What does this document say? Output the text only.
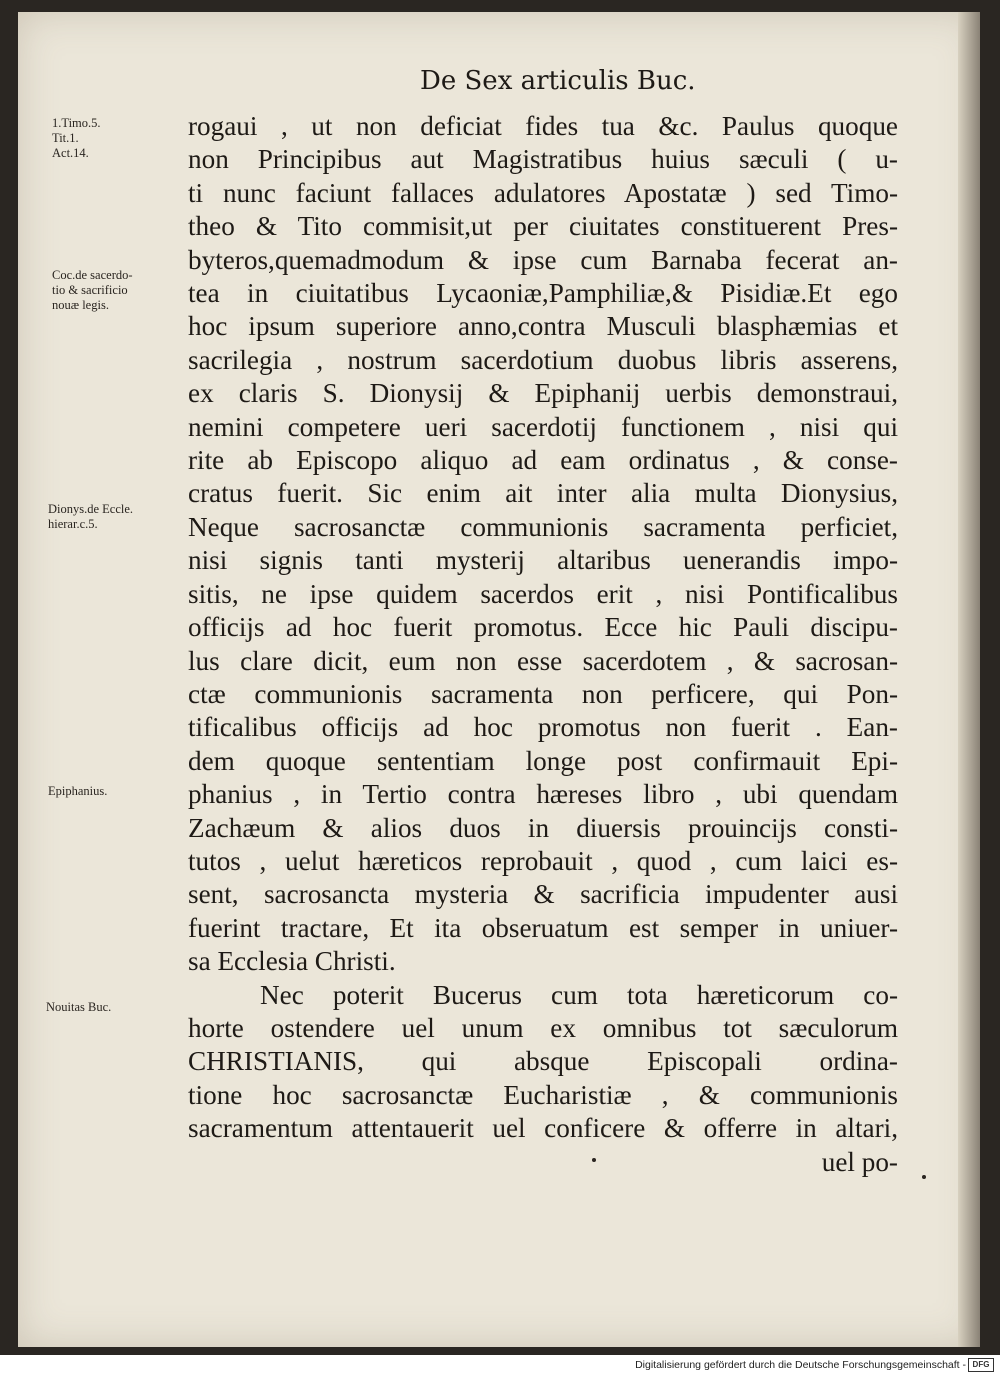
De Sex articulis Buc.
1.Timo.5.
Tit.1.
Act.14.
Coc.de sacerdo-
tio & sacrificio
nouæ legis.
Dionys.de Eccle.
hierar.c.5.
Epiphanius.
Nouitas Buc.
rogaui , ut non deficiat fides tua &c. Paulus quoque
non Principibus aut Magistratibus huius sæculi ( u-
ti nunc faciunt fallaces adulatores Apostatæ ) sed Timo-
theo & Tito commisit,ut per ciuitates constituerent Pres-
byteros,quemadmodum & ipse cum Barnaba fecerat an-
tea in ciuitatibus Lycaoniæ,Pamphiliæ,& Pisidiæ.Et ego
hoc ipsum superiore anno,contra Musculi blasphæmias et
sacrilegia , nostrum sacerdotium duobus libris asserens,
ex claris S. Dionysij & Epiphanij uerbis demonstraui,
nemini competere ueri sacerdotij functionem , nisi qui
rite ab Episcopo aliquo ad eam ordinatus , & conse-
cratus fuerit. Sic enim ait inter alia multa Dionysius,
Neque sacrosanctæ communionis sacramenta perficiet,
nisi signis tanti mysterij altaribus uenerandis impo-
sitis, ne ipse quidem sacerdos erit , nisi Pontificalibus
officijs ad hoc fuerit promotus. Ecce hic Pauli discipu-
lus clare dicit, eum non esse sacerdotem , & sacrosan-
ctæ communionis sacramenta non perficere, qui Pon-
tificalibus officijs ad hoc promotus non fuerit . Ean-
dem quoque sententiam longe post confirmauit Epi-
phanius , in Tertio contra hæreses libro , ubi quendam
Zachæum & alios duos in diuersis prouincijs consti-
tutos , uelut hæreticos reprobauit , quod , cum laici es-
sent, sacrosancta mysteria & sacrificia impudenter ausi
fuerint tractare, Et ita obseruatum est semper in uniuer-
sa Ecclesia Christi.
Nec poterit Bucerus cum tota hæreticorum co-
horte ostendere uel unum ex omnibus tot sæculorum
CHRISTIANIS, qui absque Episcopali ordina-
tione hoc sacrosanctæ Eucharistiæ , & communionis
sacramentum attentauerit uel conficere & offerre in altari,
uel po-
Digitalisierung gefördert durch die Deutsche Forschungsgemeinschaft - DFG
